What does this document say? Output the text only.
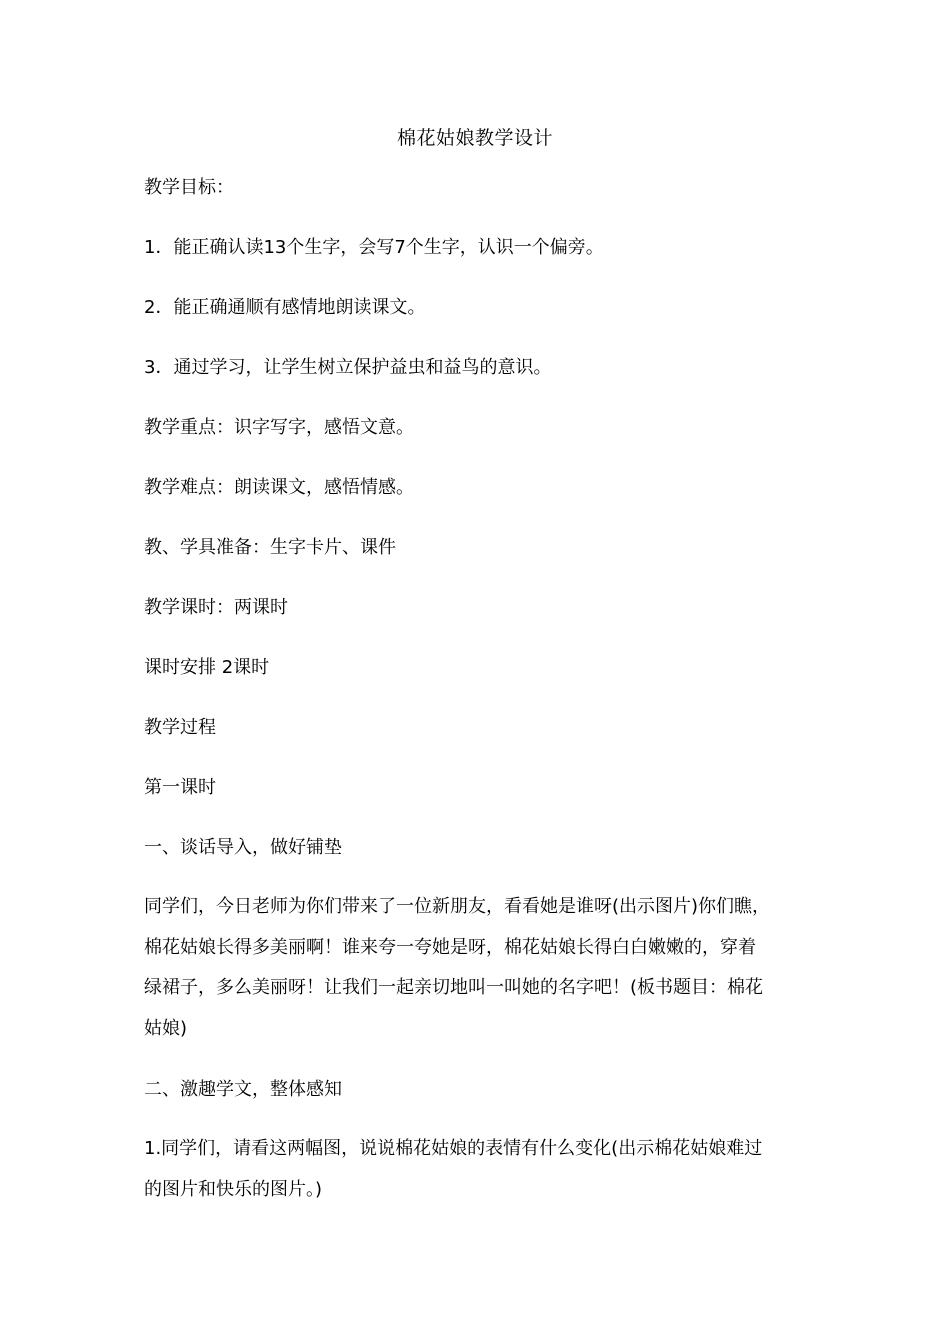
棉花姑娘教学设计
教学目标：
1．能正确认读13个生字，会写7个生字，认识一个偏旁。
2．能正确通顺有感情地朗读课文。
3．通过学习，让学生树立保护益虫和益鸟的意识。
教学重点：识字写字，感悟文意。
教学难点：朗读课文，感悟情感。
教、学具准备：生字卡片、课件
教学课时：两课时
课时安排 2课时
教学过程
第一课时
一、谈话导入，做好铺垫
同学们，今日老师为你们带来了一位新朋友，看看她是谁呀(出示图片)你们瞧，
棉花姑娘长得多美丽啊！谁来夸一夸她是呀，棉花姑娘长得白白嫩嫩的，穿着
绿裙子，多么美丽呀！让我们一起亲切地叫一叫她的名字吧！(板书题目：棉花
姑娘)
二、激趣学文，整体感知
1.同学们，请看这两幅图，说说棉花姑娘的表情有什么变化(出示棉花姑娘难过
的图片和快乐的图片。)
